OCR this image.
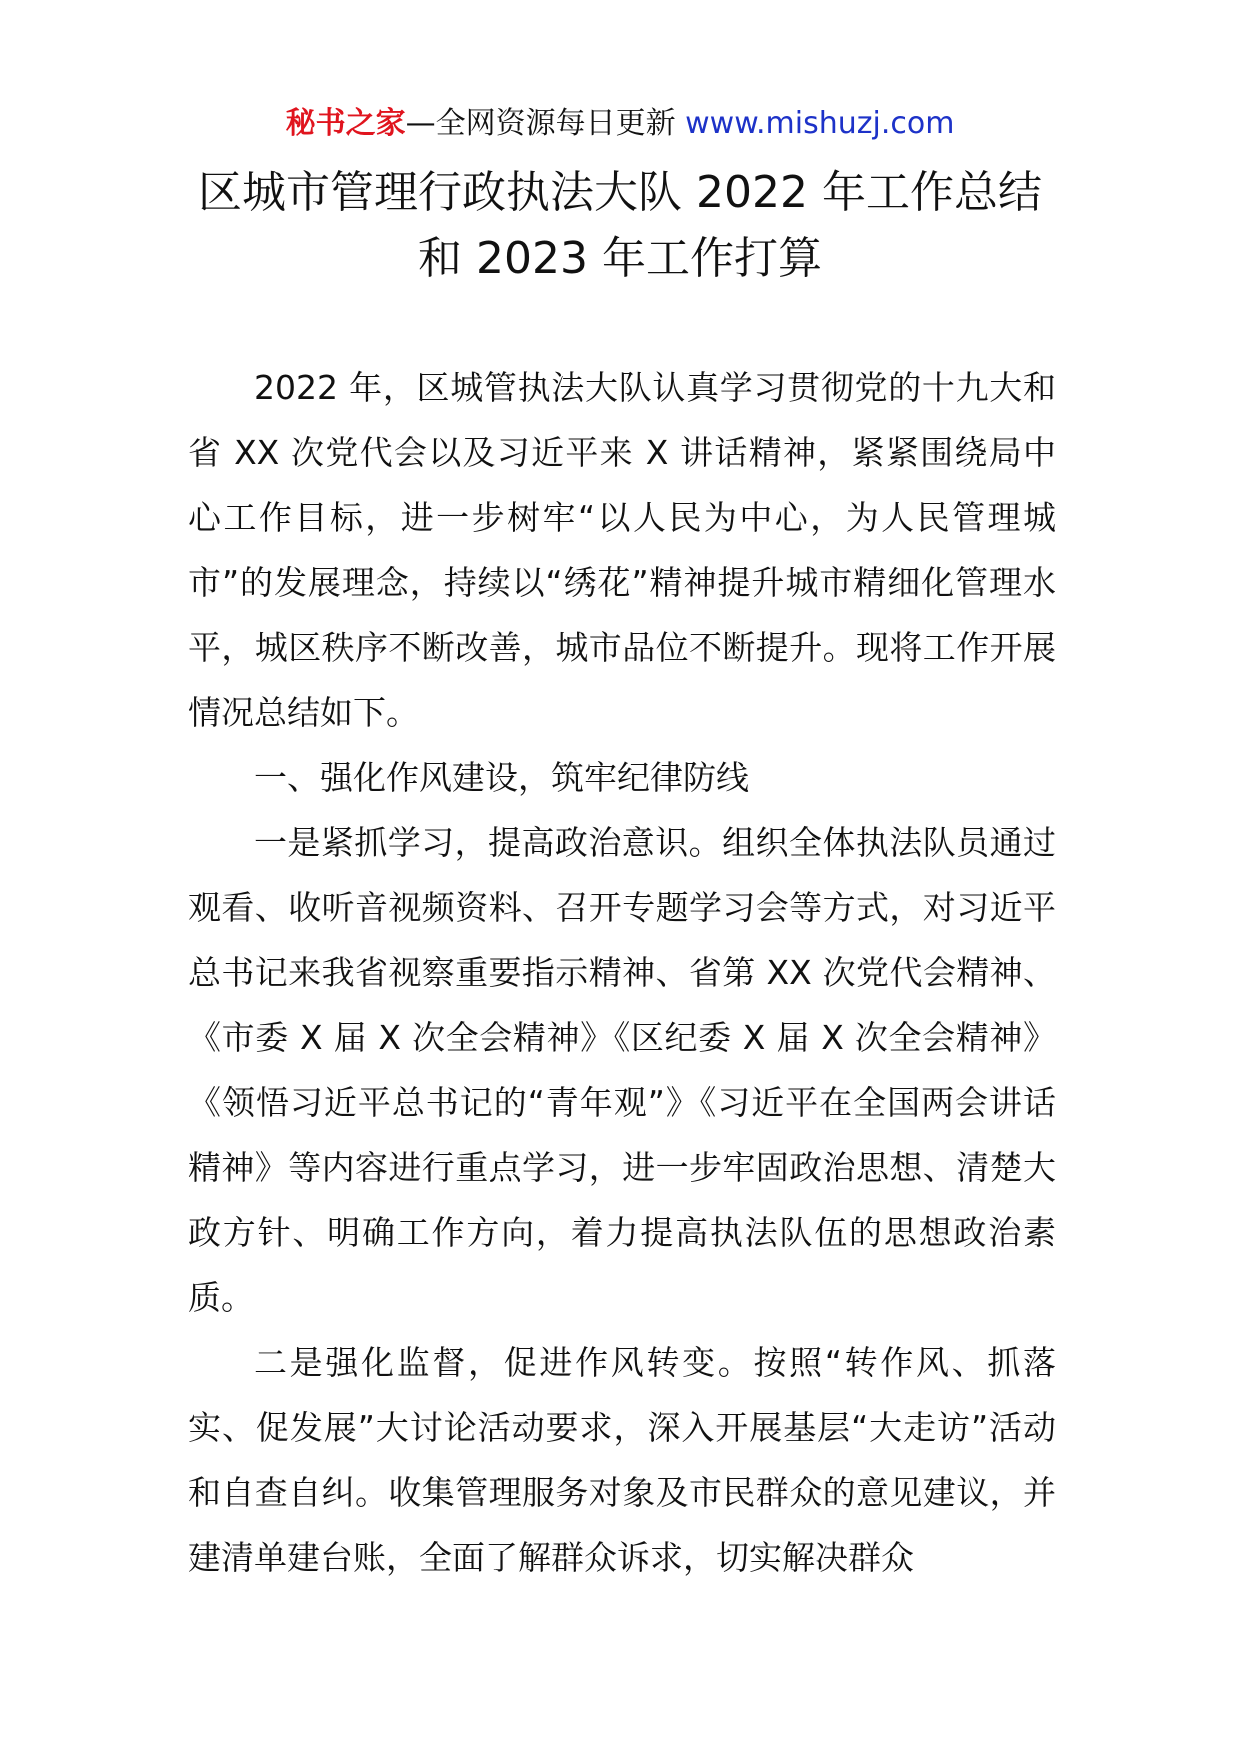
秘书之家—全网资源每日更新 www.mishuzj.com
区城市管理行政执法大队 2022 年工作总结
和 2023 年工作打算

2022 年，区城管执法大队认真学习贯彻党的十九大和省 XX 次党代会以及习近平来 X 讲话精神，紧紧围绕局中心工作目标，进一步树牢“以人民为中心，为人民管理城市”的发展理念，持续以“绣花”精神提升城市精细化管理水平，城区秩序不断改善，城市品位不断提升。现将工作开展情况总结如下。

一、强化作风建设，筑牢纪律防线

一是紧抓学习，提高政治意识。组织全体执法队员通过观看、收听音视频资料、召开专题学习会等方式，对习近平总书记来我省视察重要指示精神、省第 XX 次党代会精神、《市委 X 届 X 次全会精神》《区纪委 X 届 X 次全会精神》《领悟习近平总书记的“青年观”》《习近平在全国两会讲话精神》等内容进行重点学习，进一步牢固政治思想、清楚大政方针、明确工作方向，着力提高执法队伍的思想政治素质。

二是强化监督，促进作风转变。按照“转作风、抓落实、促发展”大讨论活动要求，深入开展基层“大走访”活动和自查自纠。收集管理服务对象及市民群众的意见建议，并建清单建台账，全面了解群众诉求，切实解决群众
